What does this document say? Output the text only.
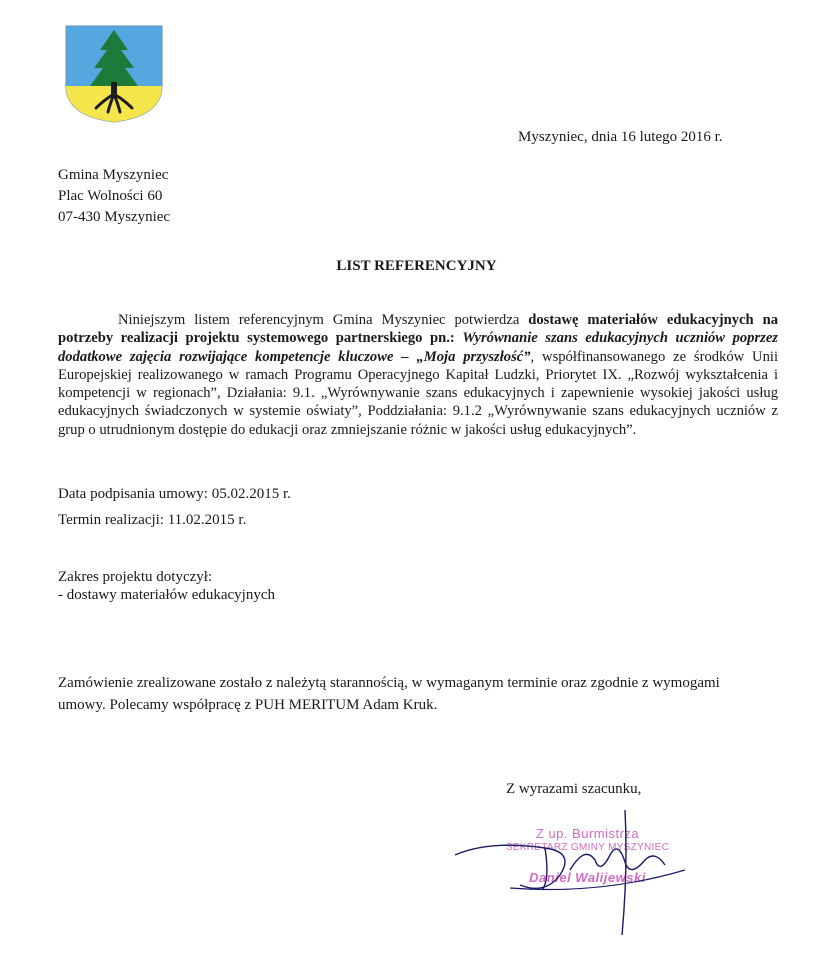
Myszyniec, dnia 16 lutego 2016 r.
Gmina Myszyniec
Plac Wolności 60
07-430 Myszyniec
LIST REFERENCYJNY
Niniejszym listem referencyjnym Gmina Myszyniec potwierdza dostawę materiałów edukacyjnych na potrzeby realizacji projektu systemowego partnerskiego pn.: Wyrównanie szans edukacyjnych uczniów poprzez dodatkowe zajęcia rozwijające kompetencje kluczowe – „Moja przyszłość”, współfinansowanego ze środków Unii Europejskiej realizowanego w ramach Programu Operacyjnego Kapitał Ludzki, Priorytet IX. „Rozwój wykształcenia i kompetencji w regionach”, Działania: 9.1. „Wyrównywanie szans edukacyjnych i zapewnienie wysokiej jakości usług edukacyjnych świadczonych w systemie oświaty”, Poddziałania: 9.1.2 „Wyrównywanie szans edukacyjnych uczniów z grup o utrudnionym dostępie do edukacji oraz zmniejszanie różnic w jakości usług edukacyjnych”.
Data podpisania umowy: 05.02.2015 r.
Termin realizacji: 11.02.2015 r.
Zakres projektu dotyczył:
- dostawy materiałów edukacyjnych
Zamówienie zrealizowane zostało z należytą starannością, w wymaganym terminie oraz zgodnie z wymogami umowy. Polecamy współpracę z PUH MERITUM Adam Kruk.
Z wyrazami szacunku,
Z up. Burmistrza
SEKRETARZ GMINY MYSZYNIEC
Daniel Walijewski
